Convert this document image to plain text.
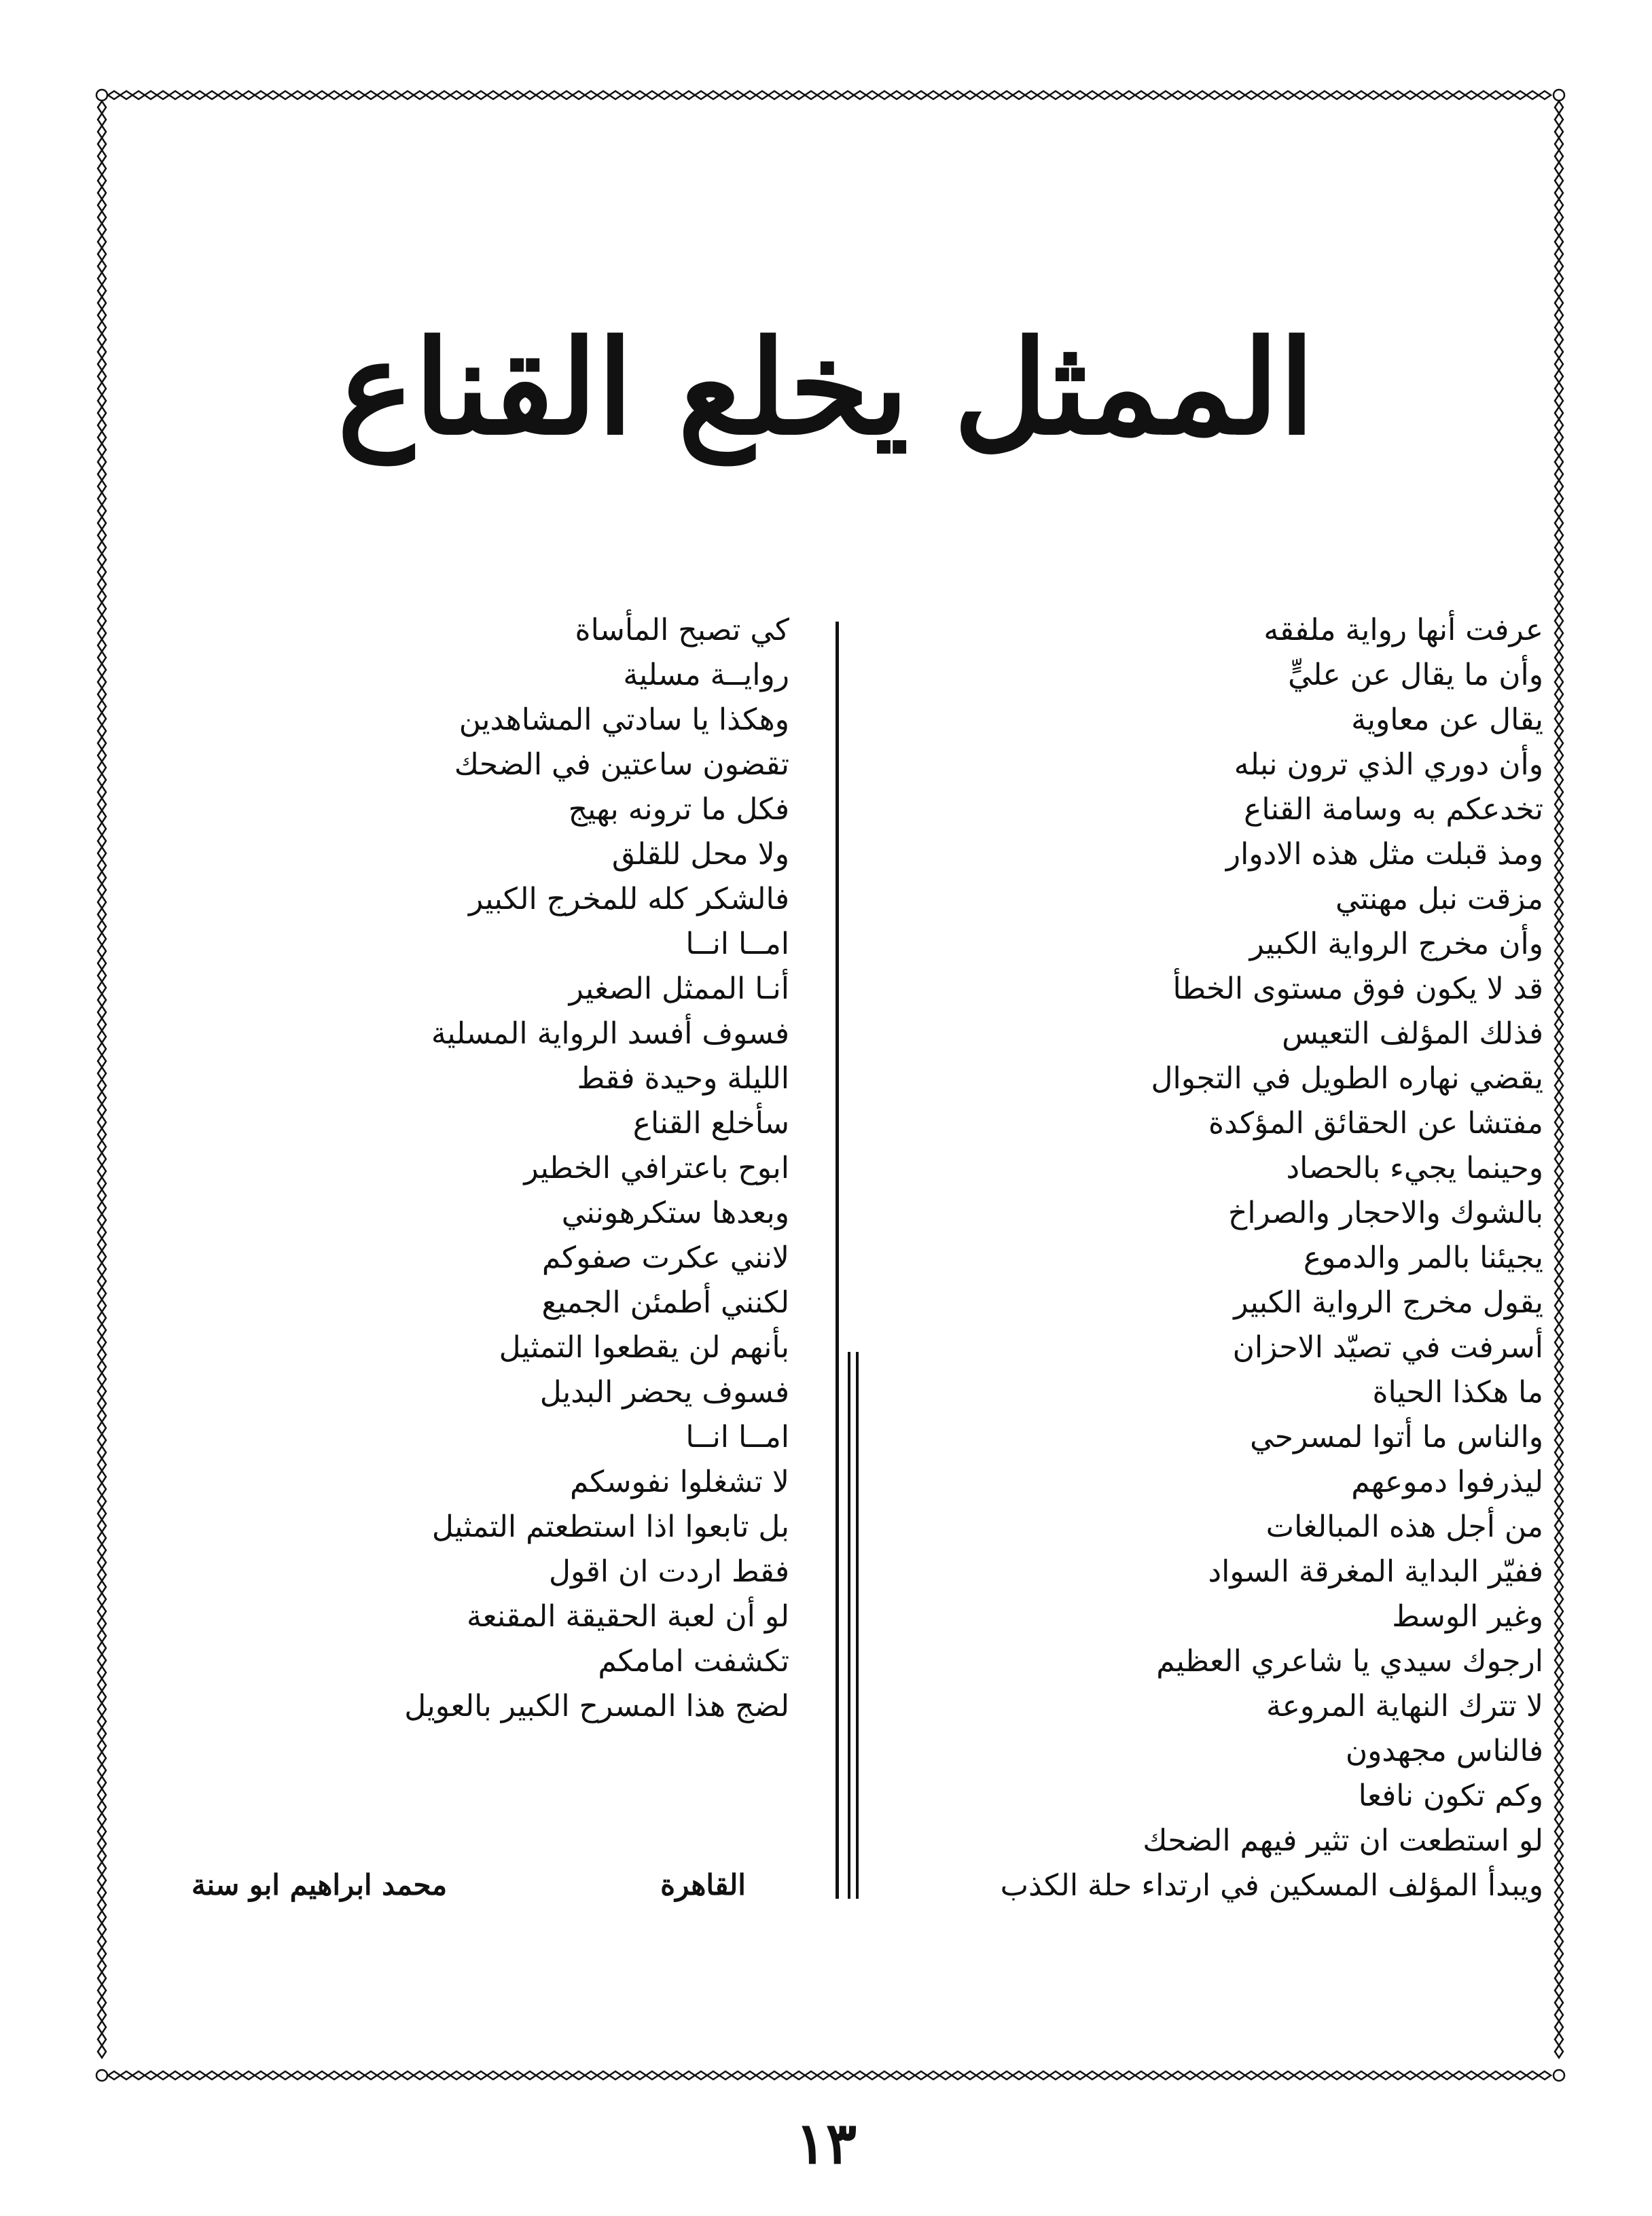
الممثل يخلع القناع
عرفت أنها رواية ملفقه
وأن ما يقال عن عليٍّ
يقال عن معاوية
وأن دوري الذي ترون نبله
تخدعكم به وسامة القناع
ومذ قبلت مثل هذه الادوار
مزقت نبل مهنتي
وأن مخرج الرواية الكبير
قد لا يكون فوق مستوى الخطأ
فذلك المؤلف التعيس
يقضي نهاره الطويل في التجوال
مفتشا عن الحقائق المؤكدة
وحينما يجيء بالحصاد
بالشوك والاحجار والصراخ
يجيئنا بالمر والدموع
يقول مخرج الرواية الكبير
أسرفت في تصيّد الاحزان
ما هكذا الحياة
والناس ما أتوا لمسرحي
ليذرفوا دموعهم
من أجل هذه المبالغات
ففيّر البداية المغرقة السواد
وغير الوسط
ارجوك سيدي يا شاعري العظيم
لا تترك النهاية المروعة
فالناس مجهدون
وكم تكون نافعا
لو استطعت ان تثير فيهم الضحك
ويبدأ المؤلف المسكين في ارتداء حلة الكذب
كي تصبح المأساة
روايــة مسلية
وهكذا يا سادتي المشاهدين
تقضون ساعتين في الضحك
فكل ما ترونه بهيج
ولا محل للقلق
فالشكر كله للمخرج الكبير
امــا انــا
أنـا الممثل الصغير
فسوف أفسد الرواية المسلية
الليلة وحيدة فقط
سأخلع القناع
ابوح باعترافي الخطير
وبعدها ستكرهونني
لانني عكرت صفوكم
لكنني أطمئن الجميع
بأنهم لن يقطعوا التمثيل
فسوف يحضر البديل
امــا انــا
لا تشغلوا نفوسكم
بل تابعوا اذا استطعتم التمثيل
فقط اردت ان اقول
لو أن لعبة الحقيقة المقنعة
تكشفت امامكم
لضج هذا المسرح الكبير بالعويل
القاهرة
محمد ابراهيم ابو سنة
١٣
